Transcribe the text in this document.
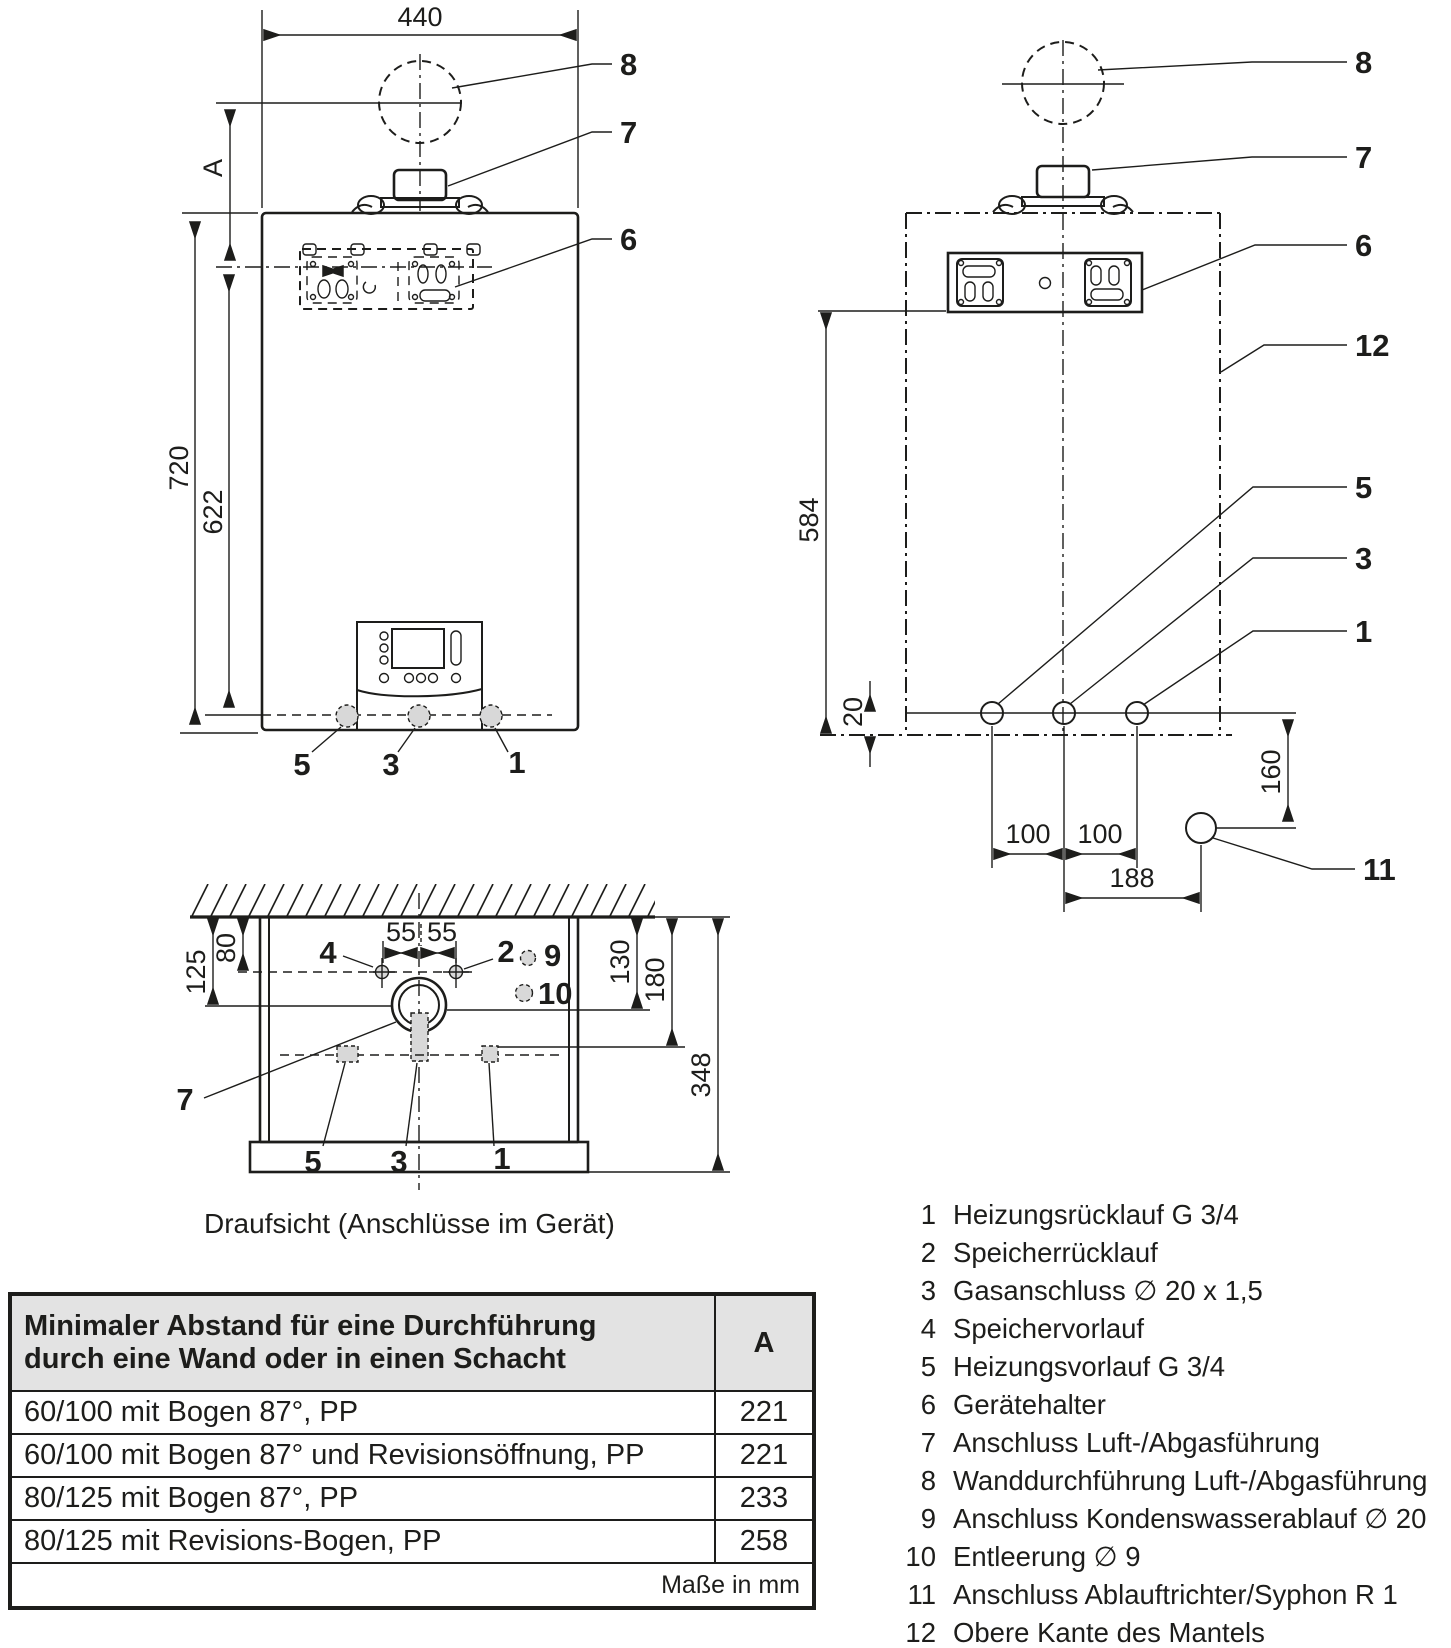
440
8
7
6
A
720
622
5 3	1
8
7
6
12
584
20
5
3
1
160
11
100 100
188
125
80
55 55
4	2 9
10
7
5 3	1
130 180
348
Draufsicht (Anschlüsse im Gerät)
Minimaler Abstand für eine Durchführung
durch eine Wand oder in einen Schacht	A
60/100 mit Bogen 87°, PP	221
60/100 mit Bogen 87° und Revisionsöffnung, PP	221
80/125 mit Bogen 87°, PP	233
80/125 mit Revisions-Bogen, PP	258
Maße in mm	
1 Heizungsrücklauf G 3/4
2 Speicherrücklauf
3 Gasanschluss ∅ 20 x 1,5
4 Speichervorlauf
5 Heizungsvorlauf G 3/4
6 Gerätehalter
7 Anschluss Luft-/Abgasführung
8 Wanddurchführung Luft-/Abgasführung
9 Anschluss Kondenswasserablauf ∅ 20
10 Entleerung ∅ 9
11 Anschluss Ablauftrichter/Syphon R 1
12 Obere Kante des Mantels
